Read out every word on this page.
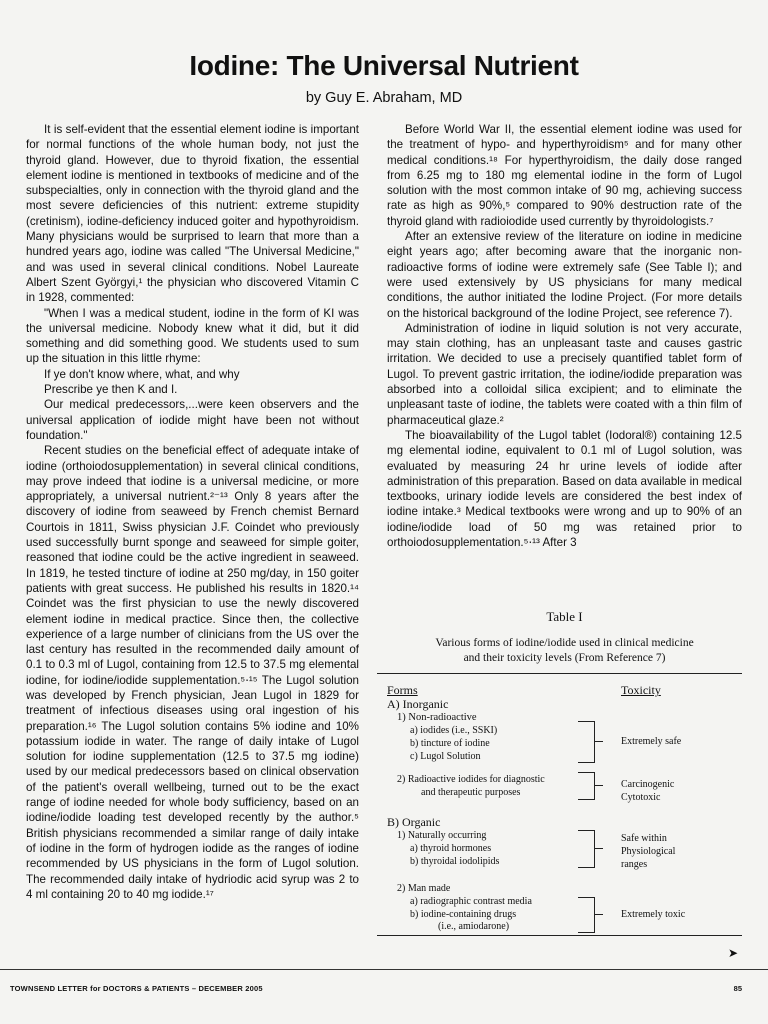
Iodine: The Universal Nutrient
by Guy E. Abraham, MD

It is self-evident that the essential element iodine is important for normal functions of the whole human body, not just the thyroid gland. However, due to thyroid fixation, the essential element iodine is mentioned in textbooks of medicine and of the subspecialties, only in connection with the thyroid gland and the most severe deficiencies of this nutrient: extreme stupidity (cretinism), iodine-deficiency induced goiter and hypothyroidism. Many physicians would be surprised to learn that more than a hundred years ago, iodine was called "The Universal Medicine," and was used in several clinical conditions. Nobel Laureate Albert Szent Györgyi,¹ the physician who discovered Vitamin C in 1928, commented:

"When I was a medical student, iodine in the form of KI was the universal medicine. Nobody knew what it did, but it did something and did something good. We students used to sum up the situation in this little rhyme:

If ye don't know where, what, and why

Prescribe ye then K and I.

Our medical predecessors,...were keen observers and the universal application of iodide might have been not without foundation."

Recent studies on the beneficial effect of adequate intake of iodine (orthoiodosupplementation) in several clinical conditions, may prove indeed that iodine is a universal medicine, or more appropriately, a universal nutrient.²⁻¹³ Only 8 years after the discovery of iodine from seaweed by French chemist Bernard Courtois in 1811, Swiss physician J.F. Coindet who previously used successfully burnt sponge and seaweed for simple goiter, reasoned that iodine could be the active ingredient in seaweed. In 1819, he tested tincture of iodine at 250 mg/day, in 150 goiter patients with great success. He published his results in 1820.¹⁴ Coindet was the first physician to use the newly discovered element iodine in medical practice. Since then, the collective experience of a large number of clinicians from the US over the last century has resulted in the recommended daily amount of 0.1 to 0.3 ml of Lugol, containing from 12.5 to 37.5 mg elemental iodine, for iodine/iodide supplementation.⁵⋅¹⁵ The Lugol solution was developed by French physician, Jean Lugol in 1829 for treatment of infectious diseases using oral ingestion of his preparation.¹⁶ The Lugol solution contains 5% iodine and 10% potassium iodide in water. The range of daily intake of Lugol solution for iodine supplementation (12.5 to 37.5 mg iodine) used by our medical predecessors based on clinical observation of the patient's overall wellbeing, turned out to be the exact range of iodine needed for whole body sufficiency, based on an iodine/iodide loading test developed recently by the author.⁵ British physicians recommended a similar range of daily intake of iodine in the form of hydrogen iodide as the ranges of iodine recommended by US physicians in the form of Lugol solution. The recommended daily intake of hydriodic acid syrup was 2 to 4 ml containing 20 to 40 mg iodide.¹⁷

Before World War II, the essential element iodine was used for the treatment of hypo- and hyperthyroidism⁵ and for many other medical conditions.¹⁸ For hyperthyroidism, the daily dose ranged from 6.25 mg to 180 mg elemental iodine in the form of Lugol solution with the most common intake of 90 mg, achieving success rate as high as 90%,⁵ compared to 90% destruction rate of the thyroid gland with radioiodide used currently by thyroidologists.⁷

After an extensive review of the literature on iodine in medicine eight years ago; after becoming aware that the inorganic non-radioactive forms of iodine were extremely safe (See Table I); and were used extensively by US physicians for many medical conditions, the author initiated the Iodine Project. (For more details on the historical background of the Iodine Project, see reference 7).

Administration of iodine in liquid solution is not very accurate, may stain clothing, has an unpleasant taste and causes gastric irritation. We decided to use a precisely quantified tablet form of Lugol. To prevent gastric irritation, the iodine/iodide preparation was absorbed into a colloidal silica excipient; and to eliminate the unpleasant taste of iodine, the tablets were coated with a thin film of pharmaceutical glaze.²

The bioavailability of the Lugol tablet (Iodoral®) containing 12.5 mg elemental iodine, equivalent to 0.1 ml of Lugol solution, was evaluated by measuring 24 hr urine levels of iodide after administration of this preparation. Based on data available in medical textbooks, urinary iodide levels are considered the best index of iodine intake.³ Medical textbooks were wrong and up to 90% of an iodine/iodide load of 50 mg was retained prior to orthoiodosupplementation.⁵⋅¹³ After 3

Table I
Various forms of iodine/iodide used in clinical medicine
and their toxicity levels (From Reference 7)
Forms	Toxicity
A) Inorganic
1) Non-radioactive
a) iodides (i.e., SSKI)
b) tincture of iodine
c) Lugol Solution
Extremely safe
2) Radioactive iodides for diagnostic
and therapeutic purposes
Carcinogenic
Cytotoxic
B) Organic
1) Naturally occurring
a) thyroid hormones
b) thyroidal iodolipids
Safe within
Physiological
ranges
2) Man made
a) radiographic contrast media
b) iodine-containing drugs
(i.e., amiodarone)
Extremely toxic
➤
TOWNSEND LETTER for DOCTORS & PATIENTS – DECEMBER 2005	85
